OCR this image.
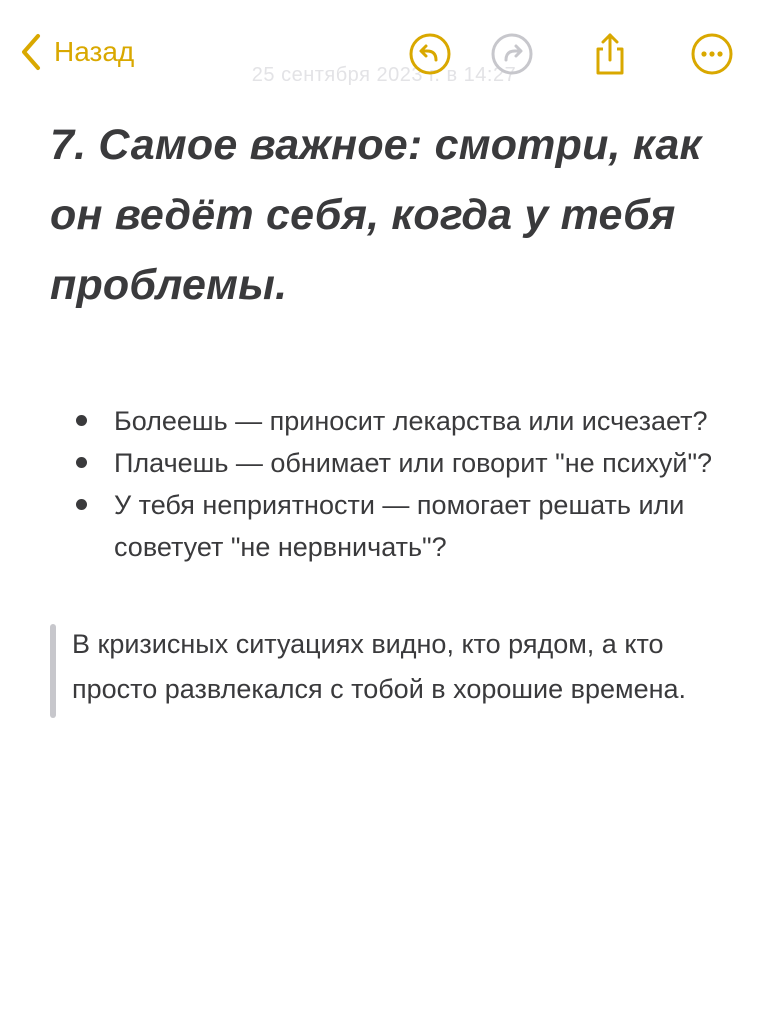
Назад
25 сентября 2023 г. в 14:27
7. Самое важное: смотри, как он ведёт себя, когда у тебя проблемы.
Болеешь — приносит лекарства или исчезает?
Плачешь — обнимает или говорит "не психуй"?
У тебя неприятности — помогает решать или советует "не нервничать"?
В кризисных ситуациях видно, кто рядом, а кто просто развлекался с тобой в хорошие времена.
